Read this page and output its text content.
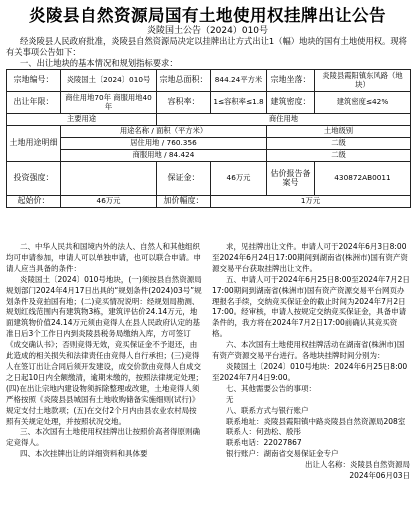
炎陵县自然资源局国有土地使用权挂牌出让公告
炎陵国土公告（2024）010号

经炎陵县人民政府批准，炎陵县自然资源局决定以挂牌出让方式出让1（幅）地块的国有土地使用权。现将有关事项公告如下：

一、出让地块的基本情况和规划指标要求：

宗地编号：	炎陵国土〔2024〕010号	宗地总面积：	844.24平方米	宗地坐落：	炎陵县霞阳镇东风路（地块）
出让年限：	商住用地70年 商服用地40年	容积率：	1≤容积率≤1.8	建筑密度：	建筑密度≤42%
主要用途		商住用地			
土地用途明细	用途名称 / 面积（平方米）			土地级别	
	居住用地 / 760.356			二级	
	商服用地 / 84.424			二级	
投资强度：		保证金：	46万元	估价报告备案号	430872AB0011
起始价：	46万元	加价幅度：	1万元		

二、中华人民共和国境内外的法人、自然人和其他组织均可申请参加，申请人可以单独申请，也可以联合申请。申请人应当具备的条件：

炎陵国土〔2024〕010号地块，(一)须按县自然资源局规划部门2024年4月17日出具的“规划条件(2024)03号”规划条件及竞拍国有地；(二)竞买情况说明：经规划局勘测、规划红线范围内有建筑物3栋，建筑评估价24.14万元，地面建筑物价值24.14万元须由竞得人在县人民政府认定的基准日后3个工作日内到炎陵县税务局缴纳入库，方可签订《成交确认书》；否则竞得无效，竞买保证金不予退还，由此造成的相关损失和法律责任由竞得人自行承担；(三)竞得人在签订出让合同后须开发建设，成交价款由竞得人自成交之日起10日内全额缴清，逾期未缴的，按照法律规定处理；(四)在出让宗地内建设物须拆除整理或改建，土地竞得人须严格按照《炎陵县县城国有土地收购储备实施细则(试行)》规定支付土地款项；(五)在交付2个月内由县农业农村局按照有关规定处理，并按照状况交地。

三、本次国有土地使用权挂牌出让按照价高者得原则确定竞得人。

四、本次挂牌出让的详细资料和具体要

求，见挂牌出让文件。申请人可于2024年6月3日8:00至2024年6月24日17:00期间到湖南省(株洲市)国有资产资源交易平台获取挂牌出让文件。

五、申请人可于2024年6月25日8:00至2024年7月2日17:00期间到湖南省(株洲市)国有资产资源交易平台网页办理报名手续，交纳竞买保证金的截止时间为2024年7月2日17:00。经审核，申请人按规定交纳竞买保证金，具备申请条件的，我方将在2024年7月2日17:00前确认其竞买资格。

六、本次国有土地使用权挂牌活动在湖南省(株洲市)国有资产资源交易平台进行。各地块挂牌时间分别为：

炎陵国土〔2024〕010号地块：2024年6月25日8:00至2024年7月4日9:00。

七、其他需要公告的事项：

无

八、联系方式与银行账户

联系地址：炎陵县霞阳镇中路炎陵县自然资源局208室

联系人：何劲松、殷彤

联系电话：22027867

银行账户：湖南省交易保证金专户

出让人名称：炎陵县自然资源局

2024年06月03日
